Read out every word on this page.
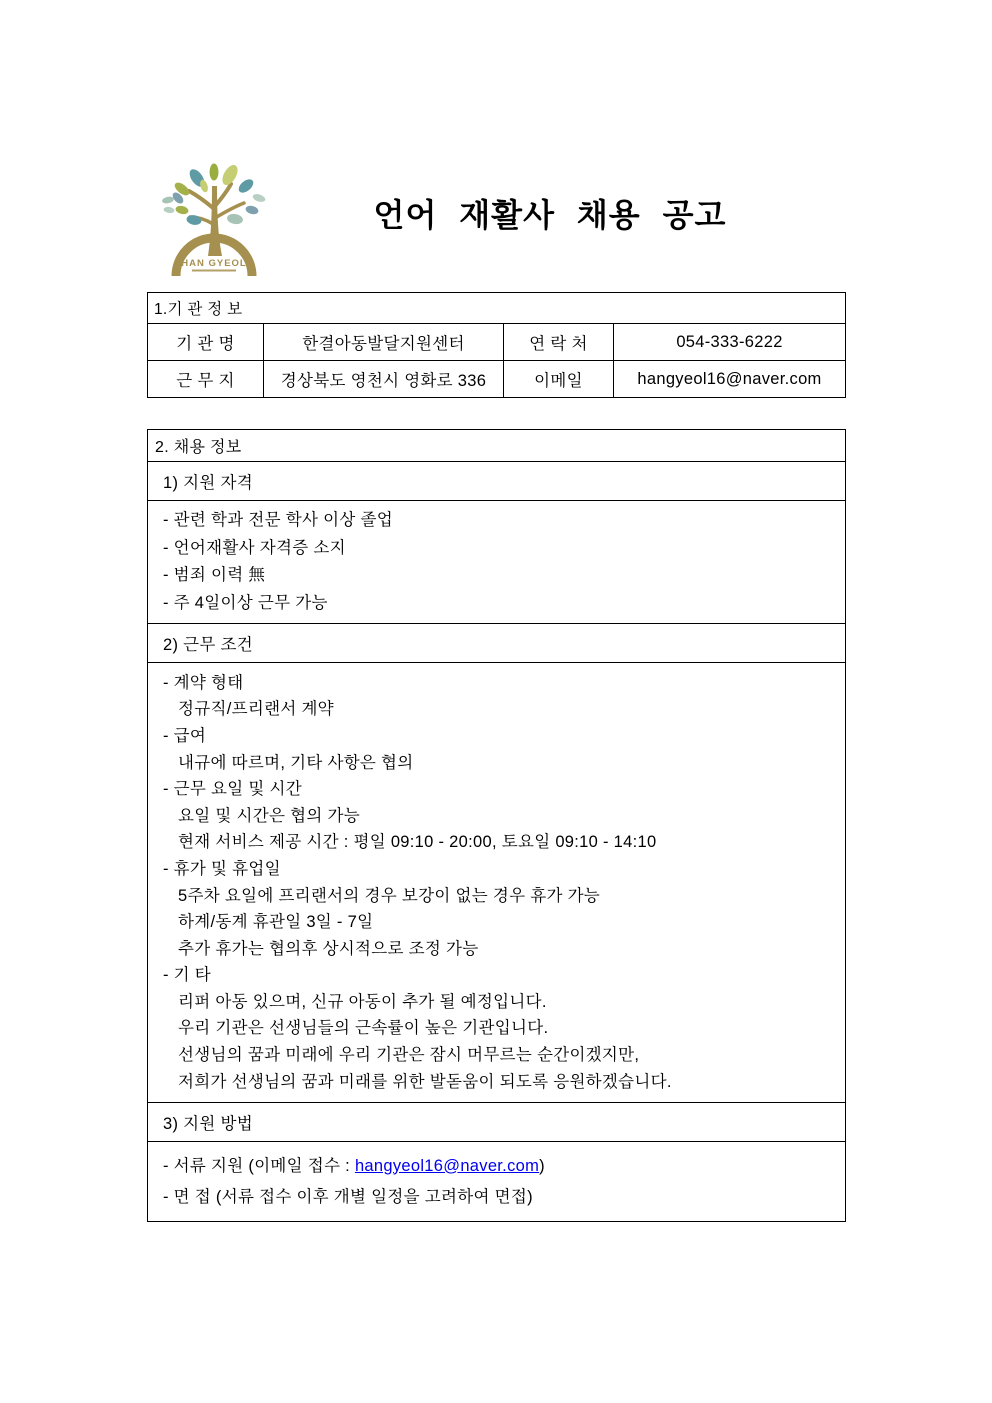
HAN GYEOL
언어 재활사 채용 공고
1.기 관 정 보			
기 관 명	한결아동발달지원센터	연 락 처	054-333-6222
근 무 지	경상북도 영천시 영화로 336	이메일	hangyeol16@naver.com
2. 채용 정보
1) 지원 자격

- 관련 학과 전문 학사 이상 졸업
- 언어재활사 자격증 소지
- 범죄 이력 無
- 주 4일이상 근무 가능

2) 근무 조건

- 계약 형태
정규직/프리랜서 계약
- 급여
내규에 따르며, 기타 사항은 협의
- 근무 요일 및 시간
요일 및 시간은 협의 가능
현재 서비스 제공 시간 : 평일 09:10 - 20:00, 토요일 09:10 - 14:10
- 휴가 및 휴업일
5주차 요일에 프리랜서의 경우 보강이 없는 경우 휴가 가능
하계/동계 휴관일 3일 - 7일
추가 휴가는 협의후 상시적으로 조정 가능
- 기 타
리퍼 아동 있으며, 신규 아동이 추가 될 예정입니다.
우리 기관은 선생님들의 근속률이 높은 기관입니다.
선생님의 꿈과 미래에 우리 기관은 잠시 머무르는 순간이겠지만,
저희가 선생님의 꿈과 미래를 위한 발돋움이 되도록 응원하겠습니다.

3) 지원 방법

- 서류 지원 (이메일 접수 : hangyeol16@naver.com)
- 면 접 (서류 접수 이후 개별 일정을 고려하여 면접)
